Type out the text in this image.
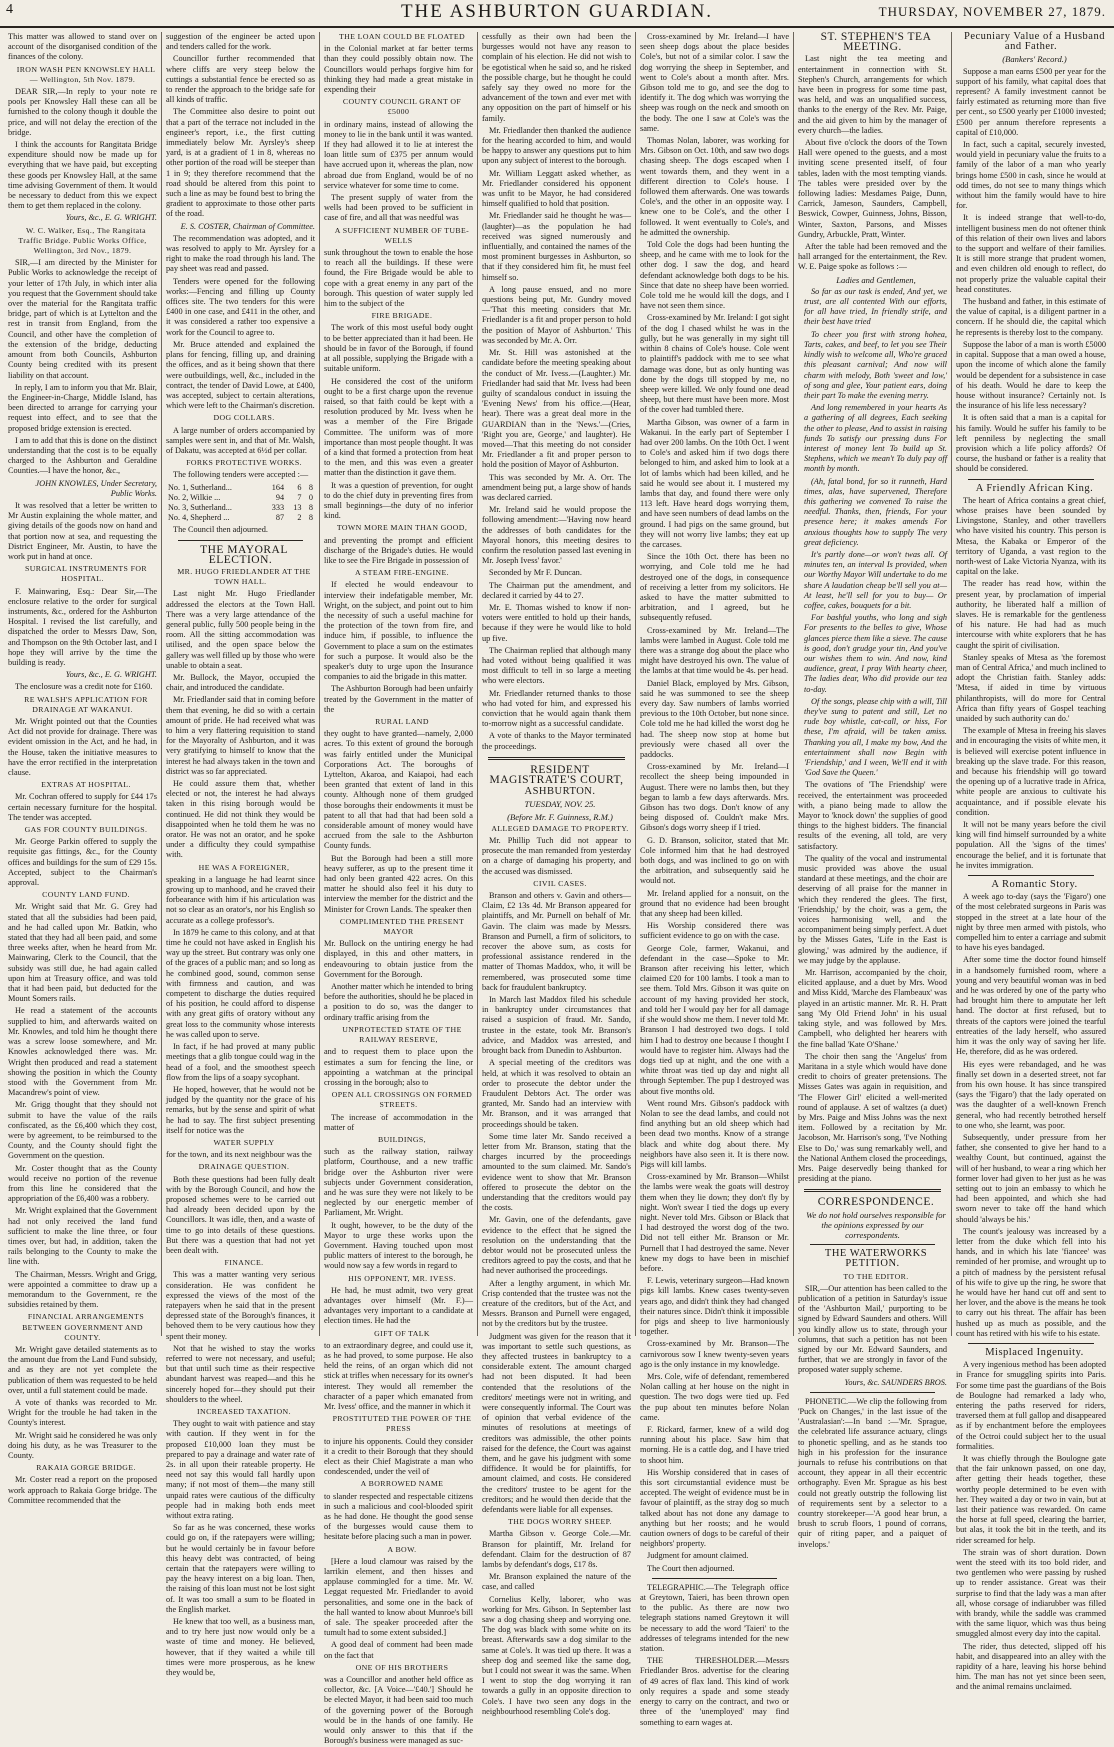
4	THE ASHBURTON GUARDIAN.	THURSDAY, NOVEMBER 27, 1879.

This matter was allowed to stand over on account of the disorganised condition of the finances of the colony.

IRON WASH PEN KNOWSLEY HALL — Wellington, 5th Nov. 1879.

DEAR SIR,—In reply to your note re pools per Knowsley Hall these can all be furnished to the colony though it double the price, and will not delay the erection of the bridge.

I think the accounts for Rangitata Bridge expenditure should now be made up for everything that we have paid, but excepting these goods per Knowsley Hall, at the same time advising Government of them. It would be necessary to deduct from this we expect them to get them replaced in the colony.

Yours, &c., E. G. WRIGHT.

W. C. Walker, Esq., The Rangitata Traffic Bridge. Public Works Office, Wellington, 3rd Nov., 1879.

SIR,—I am directed by the Minister for Public Works to acknowledge the receipt of your letter of 17th July, in which inter alia you request that the Government should take over the material for the Rangitata traffic bridge, part of which is at Lyttelton and the rest in transit from England, from the Council, and other have the completion of the extension of the bridge, deducting amount from both Councils, Ashburton County being credited with its present liability on that account.

In reply, I am to inform you that Mr. Blair, the Engineer-in-Charge, Middle Island, has been directed to arrange for carrying your request into effect, and to see that the proposed bridge extension is erected.

I am to add that this is done on the distinct understanding that the cost is to be equally charged to the Ashburton and Geraldine Counties.—I have the honor, &c.,

JOHN KNOWLES, Under Secretary, Public Works.

It was resolved that a letter be written to Mr Austin explaining the whole matter, and giving details of the goods now on hand and that portion now at sea, and requesting the District Engineer, Mr. Austin, to have the work put in hand at once.

SURGICAL INSTRUMENTS FOR HOSPITAL.

F. Mainwaring, Esq.: Dear Sir,—The enclosure relative to the order for surgical instruments, &c., ordered for the Ashburton Hospital. I revised the list carefully, and dispatched the order to Messrs Daw, Son, and Thompson on the 9th October last, and I hope they will arrive by the time the building is ready.

Yours, &c., E. G. WRIGHT.

The enclosure was a credit note for £160.

RE WALSH'S APPLICATION FOR DRAINAGE AT WAKANUI.

Mr. Wright pointed out that the Counties Act did not provide for drainage. There was evident omission in the Act, and he had, in the House, taken the initiative measures to have the error rectified in the interpretation clause.

EXTRAS AT HOSPITAL.

Mr. Cochran offered to supply for £44 17s certain necessary furniture for the hospital. The tender was accepted.

GAS FOR COUNTY BUILDINGS.

Mr. George Parkin offered to supply the requisite gas fittings, &c., for the County offices and buildings for the sum of £29 15s. Accepted, subject to the Chairman's approval.

COUNTY LAND FUND.

Mr. Wright said that Mr. G. Grey had stated that all the subsidies had been paid, and he had called upon Mr. Batkin, who stated that they had all been paid, and some three weeks after, when he heard from Mr. Mainwaring, Clerk to the Council, that the subsidy was still due, he had again called upon him at Treasury office, and was told that it had been paid, but deducted for the Mount Somers rails.

He read a statement of the accounts supplied to him, and afterwards waited on Mr. Knowles, and told him he thought there was a screw loose somewhere, and Mr. Knowles acknowledged there was. Mr. Wright then produced and read a statement showing the position in which the County stood with the Government from Mr. Macandrew's point of view.

Mr. Grigg thought that they should not submit to have the value of the rails confiscated, as the £6,400 which they cost, were by agreement, to be reimbursed to the County, and the County should fight the Government on the question.

Mr. Coster thought that as the County would receive no portion of the revenue from this line he considered that the appropriation of the £6,400 was a robbery.

Mr. Wright explained that the Government had not only received the land fund sufficient to make the line three, or four times over, but had, in addition, taken the rails belonging to the County to make the line with.

The Chairman, Messrs. Wright and Grigg, were appointed a committee to draw up a memorandum to the Government, re the subsidies retained by them.

FINANCIAL ARRANGEMENTS BETWEEN GOVERNMENT AND COUNTY.

Mr. Wright gave detailed statements as to the amount due from the Land Fund subsidy, and as they are not yet complete the publication of them was requested to be held over, until a full statement could be made.

A vote of thanks was recorded to Mr. Wright for the trouble he had taken in the County's interest.

Mr. Wright said he considered he was only doing his duty, as he was Treasurer to the County.

RAKAIA GORGE BRIDGE.

Mr. Coster read a report on the proposed work approach to Rakaia Gorge bridge. The Committee recommended that the

suggestion of the engineer be acted upon and tenders called for the work.

Councillor further recommended that where cliffs are very steep below the cuttings a substantial fence be erected so as to render the approach to the bridge safe for all kinds of traffic.

The Committee also desire to point out that a part of the terrace not included in the engineer's report, i.e., the first cutting immediately below Mr. Ayrsley's sheep yard, is at a gradient of 1 in 8, whereas no other portion of the road will be steeper than 1 in 9; they therefore recommend that the road should be altered from this point to such a line as may be found best to bring the gradient to approximate to those other parts of the road.

E. S. COSTER, Chairman of Committee.

The recommendation was adopted, and it was resolved to apply to Mr. Ayrsley for a right to make the road through his land. The pay sheet was read and passed.

Tenders were opened for the following works:—Fencing and filling up County offices site. The two tenders for this were £400 in one case, and £411 in the other, and it was considered a rather too expensive a work for the Council to agree to.

Mr. Bruce attended and explained the plans for fencing, filling up, and draining the offices, and as it being shown that there were outbuildings, well, &c., included in the contract, the tender of David Lowe, at £400, was accepted, subject to certain alterations, which were left to the Chairman's discretion.

DOG COLLARS.

A large number of orders accompanied by samples were sent in, and that of Mr. Walsh, of Dakatu, was accepted at 6½d per collar.

FORKS PROTECTIVE WORKS.

The following tenders were accepted :—

No. 1, Sutherland...	164	6	8
No. 2, Wilkie ...	94	7	0
No. 3, Sutherland...	333	13	8
No. 4, Shepherd ...	87	2	8

The Council then adjourned.

THE MAYORAL ELECTION.

MR. HUGO FRIEDLANDER AT THE TOWN HALL.

Last night Mr. Hugo Friedlander addressed the electors at the Town Hall. There was a very large attendance of the general public, fully 500 people being in the room. All the sitting accommodation was utilised, and the open space below the gallery was well filled up by those who were unable to obtain a seat.

Mr. Bullock, the Mayor, occupied the chair, and introduced the candidate.

Mr. Friedlander said that in coming before them that evening, he did so with a certain amount of pride. He had received what was to him a very flattering requisition to stand for the Mayoralty of Ashburton, and it was very gratifying to himself to know that the interest he had always taken in the town and district was so far appreciated.

He could assure them that, whether elected or not, the interest he had always taken in this rising borough would be continued. He did not think they would be disappointed when he told them he was no orator. He was not an orator, and he spoke under a difficulty they could sympathise with.

HE WAS A FOREIGNER,

speaking in a language he had learnt since growing up to manhood, and he craved their forbearance with him if his articulation was not so clear as an orator's, nor his English so accurate as a college professor's.

In 1879 he came to this colony, and at that time he could not have asked in English his way up the street. But contrary was only one of the graces of a public man; and so long as he combined good, sound, common sense with firmness and caution, and was competent to discharge the duties required of his position, he could afford to dispense with any great gifts of oratory without any great loss to the community whose interests he was called upon to serve.

In fact, if he had proved at many public meetings that a glib tongue could wag in the head of a fool, and the smoothest speech flow from the lips of a soapy sycophant.

He hoped, however, that he would not be judged by the quantity nor the grace of his remarks, but by the sense and spirit of what he had to say. The first subject presenting itself for notice was the

WATER SUPPLY

for the town, and its next neighbour was the

DRAINAGE QUESTION.

Both these questions had been fully dealt with by the Borough Council, and how the proposed schemes were to be carried out had already been decided upon by the Councillors. It was idle, then, and a waste of time to go into details of these questions. But there was a question that had not yet been dealt with.

FINANCE.

This was a matter wanting very serious consideration. He was confident he expressed the views of the most of the ratepayers when he said that in the present depressed state of the Borough's finances, it behoved them to be very cautious how they spent their money.

Not that he wished to stay the works referred to were not necessary, and useful; but that until such time as their respective abundant harvest was reaped—and this he sincerely hoped for—they should put their shoulders to the wheel.

INCREASED TAXATION.

They ought to wait with patience and stay with caution. If they went in for the proposed £10,000 loan they must be prepared to pay a drainage and water rate of 2s. in all upon their rateable property. He need not say this would fall hardly upon many; if not most of them—the many still unpaid rates were cautious of the difficulty people had in making both ends meet without extra rating.

So far as he was concerned, these works could go on, if the ratepayers were willing; but he would certainly be in favour before this heavy debt was contracted, of being certain that the ratepayers were willing to pay the heavy interest on a big loan. Then, the raising of this loan must not be lost sight of. It was too small a sum to be floated in the English market.

He knew that too well, as a business man, and to try here just now would only be a waste of time and money. He believed, however, that if they waited a while till times were more prosperous, as he knew they would be,

THE LOAN COULD BE FLOATED

in the Colonial market at far better terms than they could possibly obtain now. The Councillors would perhaps forgive him for thinking they had made a great mistake in expending their

COUNTY COUNCIL GRANT OF £5000

in ordinary mains, instead of allowing the money to lie in the bank until it was wanted. If they had allowed it to lie at interest the loan little sum of £375 per annum would have accrued upon it, whereas the plan, now abroad due from England, would be of no service whatever for some time to come.

The present supply of water from the wells had been proved to be sufficient in case of fire, and all that was needful was

A SUFFICIENT NUMBER OF TUBE-WELLS

sunk throughout the town to enable the hose to reach all the buildings. If these were found, the Fire Brigade would be able to cope with a great enemy in any part of the borough. This question of water supply led him to the subject of the

FIRE BRIGADE.

The work of this most useful body ought to be better appreciated than it had been. He should be in favor of the Borough, if found at all possible, supplying the Brigade with a suitable uniform.

He considered the cost of the uniform ought to be a first charge upon the revenue raised, so that faith could be kept with a resolution produced by Mr. Ivess when he was a member of the Fire Brigade Committee. The uniform was of more importance than most people thought. It was of a kind that formed a protection from heat to the men, and this was even a greater matter than the distinction it gave them.

It was a question of prevention, for ought to do the chief duty in preventing fires from small beginnings—the duty of no inferior kind.

TOWN MORE MAIN THAN GOOD,

and preventing the prompt and efficient discharge of the Brigade's duties. He would like to see the Fire Brigade in possession of

A STEAM FIRE-ENGINE.

If elected he would endeavour to interview their indefatigable member, Mr. Wright, on the subject, and point out to him the necessity of such a useful machine for the protection of the town from fire, and induce him, if possible, to influence the Government to place a sum on the estimates for such a purpose. It would also be the speaker's duty to urge upon the Insurance companies to aid the brigade in this matter.

The Ashburton Borough had been unfairly treated by the Government in the matter of the

RURAL LAND

they ought to have granted—namely, 2,000 acres. To this extent of ground the borough was fairly entitled under the Municipal Corporations Act. The boroughs of Lyttelton, Akaroa, and Kaiapoi, had each been granted that extent of land in this county. Although none of them grudged those boroughs their endowments it must be patent to all that had that had been sold a considerable amount of money would have accrued from the sale to the Ashburton County funds.

But the Borough had been a still more heavy sufferer, as up to the present time it had only been granted 422 acres. On this matter he should also feel it his duty to interview the member for the district and the Minister for Crown Lands. The speaker then

COMPLIMENTED THE PRESENT MAYOR

Mr. Bullock on the untiring energy he had displayed, in this and other matters, in endeavouring to obtain justice from the Government for the Borough.

Another matter which he intended to bring before the authorities, should he be placed in a position to do so, was the danger to ordinary traffic arising from the

UNPROTECTED STATE OF THE RAILWAY RESERVE,

and to request them to place upon the estimates a sum for fencing the line, or appointing a watchman at the principal crossing in the borough; also to

OPEN ALL CROSSINGS ON FORMED STREETS.

The increase of accommodation in the matter of

BUILDINGS,

such as the railway station, railway platform, Courthouse, and a new traffic bridge over the Ashburton river were subjects under Government consideration, and he was sure they were not likely to be neglected by our energetic member of Parliament, Mr. Wright.

It ought, however, to be the duty of the Mayor to urge these works upon the Government. Having touched upon most public matters of interest to the borough, he would now say a few words in regard to

HIS OPPONENT, MR. IVESS.

He had, he must admit, two very great advantages over himself (Mr. F.)—advantages very important to a candidate at election times. He had the

GIFT OF TALK

to an extraordinary degree, and could use it, as he had proved, to some purpose. He also held the reins, of an organ which did not stick at trifles when necessary for its owner's interest. They would all remember the character of a paper which emanated from Mr. Ivess' office, and the manner in which it

PROSTITUTED THE POWER OF THE PRESS

to injure his opponents. Could they consider it a credit to their Borough that they should elect as their Chief Magistrate a man who condescended, under the veil of

A BORROWED NAME

to slander respected and respectable citizens in such a malicious and cool-blooded spirit as he had done. He thought the good sense of the burgesses would cause them to hesitate before placing such a man in power.

A BOW.

[Here a loud clamour was raised by the larrikin element, and then hisses and applause commingled for a time. Mr. W. Leggat requested Mr. Friedlander to avoid personalities, and some one in the back of the hall wanted to know about Munroe's bill of sale. The speaker proceeded after the tumult had to some extent subsided.]

A good deal of comment had been made on the fact that

ONE OF HIS BROTHERS

was a Councillor and another held office as collector, &c. [A Voice—'£40.'] Should he be elected Mayor, it had been said too much of the governing power of the Borough would be in the hands of one family. He would only answer to this that if the Borough's business were managed as suc-

cessfully as their own had been the burgesses would not have any reason to complain of his election. He did not wish to be egotistical when he said so, and he risked the possible charge, but he thought he could safely say they owed no more for the advancement of the town and ever met with any opposition on the part of himself or his family.

Mr. Friedlander then thanked the audience for the hearing accorded to him, and would be happy to answer any questions put to him upon any subject of interest to the borough.

Mr. William Leggatt asked whether, as Mr. Friedlander considered his opponent was unfit to be Mayor, he had considered himself qualified to hold that position.

Mr. Friedlander said he thought he was—(laughter)—as the population he had received was signed numerously and influentially, and contained the names of the most prominent burgesses in Ashburton, so that if they considered him fit, he must feel himself so.

A long pause ensued, and no more questions being put, Mr. Gundry moved —'That this meeting considers that Mr. Friedlander is a fit and proper person to hold the position of Mayor of Ashburton.' This was seconded by Mr. A. Orr.

Mr. St. Hill was astonished at the candidate before the meeting speaking about the conduct of Mr. Ivess.—(Laughter.) Mr. Friedlander had said that Mr. Ivess had been guilty of scandalous conduct in issuing the 'Evening News' from his office.—(Hear, hear). There was a great deal more in the GUARDIAN than in the 'News.'—(Cries, 'Right you are, George,' and laughter). He moved—That this meeting do not consider Mr. Friedlander a fit and proper person to hold the position of Mayor of Ashburton.

This was seconded by Mr. A. Orr. The amendment being put, a large show of hands was declared carried.

Mr. Ireland said he would propose the following amendment:—'Having now heard the addresses of both candidates for the Mayoral honors, this meeting desires to confirm the resolution passed last evening in Mr. Joseph Ivess' favor.'

Seconded by Mr F. Duncan.

The Chairman put the amendment, and declared it carried by 44 to 27.

Mr. E. Thomas wished to know if non-voters were entitled to hold up their hands, because if they were he would like to hold up five.

The Chairman replied that although many had voted without being qualified it was most difficult to tell in so large a meeting who were electors.

Mr. Friedlander returned thanks to those who had voted for him, and expressed his conviction that he would again thank them to-morrow night as a successful candidate.

A vote of thanks to the Mayor terminated the proceedings.

RESIDENT MAGISTRATE'S COURT,

ASHBURTON.

TUESDAY, NOV. 25.

(Before Mr. F. Guinness, R.M.)

ALLEGED DAMAGE TO PROPERTY.

Mr. Phillip Tuch did not appear to prosecute the man remanded from yesterday on a charge of damaging his property, and the accused was dismissed.

CIVIL CASES.

Branson and others v. Gavin and others—Claim, £2 13s 4d. Mr Branson appeared for plaintiffs, and Mr. Purnell on behalf of Mr. Gavin. The claim was made by Messrs. Branson and Purnell, a firm of solicitors, to recover the above sum, as costs for professional assistance rendered in the matter of Thomas Maddox, who, it will be remembered, was prosecuted some time back for fraudulent bankruptcy.

In March last Maddox filed his schedule in bankruptcy under circumstances that raised a suspicion of fraud. Mr. Sando, trustee in the estate, took Mr. Branson's advice, and Maddox was arrested, and brought back from Dunedin to Ashburton.

A special meeting of the creditors was held, at which it was resolved to obtain an order to prosecute the debtor under the Fraudulent Debtors Act. The order was granted, Mr. Sando had an interview with Mr. Branson, and it was arranged that proceedings should be taken.

Some time later Mr. Sando received a letter from Mr. Branson, stating that the charges incurred by the proceedings amounted to the sum claimed. Mr. Sando's evidence went to show that Mr. Branson offered to prosecute the debtor on the understanding that the creditors would pay the costs.

Mr. Gavin, one of the defendants, gave evidence to the effect that he signed the resolution on the understanding that the debtor would not be prosecuted unless the creditors agreed to pay the costs, and that he had never authorised the proceedings.

After a lengthy argument, in which Mr. Crisp contended that the trustee was not the creature of the creditors, but of the Act, and Messrs. Branson and Purnell were engaged, not by the creditors but by the trustee.

Judgment was given for the reason that it was important to settle such questions, as they affected trustees in bankruptcy to a considerable extent. The amount charged had not been disputed. It had been contended that the resolutions of the creditors' meetings were not in writing, and were consequently informal. The Court was of opinion that verbal evidence of the minutes of resolutions at meetings of creditors was admissible, the other points raised for the defence, the Court was against them, and he gave his judgment with some diffidence. It would be for plaintiffs, for amount claimed, and costs. He considered the creditors' trustee to be agent for the creditors; and he would then decide that the defendants were liable for all expenses.

THE DOGS WORRY SHEEP.

Martha Gibson v. George Cole.—Mr. Branson for plaintiff, Mr. Ireland for defendant. Claim for the destruction of 87 lambs by defendant's dogs, £17 8s.

Mr. Branson explained the nature of the case, and called

Cornelius Kelly, laborer, who was working for Mrs. Gibson. In September last saw a dog chasing sheep and worrying one. The dog was black with some white on its breast. Afterwards saw a dog similar to the same at Cole's. It was tied up there. It was a sheep dog and seemed like the same dog, but I could not swear it was the same. When I went to stop the dog worrying it ran towards a gully in an opposite direction to Cole's. I have two seen any dogs in the neighbourhood resembling Cole's dog.

Cross-examined by Mr. Ireland—I have seen sheep dogs about the place besides Cole's, but not of a similar color. I saw the dog worrying the sheep in September, and went to Cole's about a month after. Mrs. Gibson told me to go, and see the dog to identify it. The dog which was worrying the sheep was rough on the neck and smooth on the body. The one I saw at Cole's was the same.

Thomas Nolan, laborer, was working for Mrs. Gibson on Oct. 10th, and saw two dogs chasing sheep. The dogs escaped when I went towards them, and they went in a different direction to Cole's house. I followed them afterwards. One was towards Cole's, and the other in an opposite way. I knew one to be Cole's, and the other I followed. It went eventually to Cole's, and he admitted the ownership.

Told Cole the dogs had been hunting the sheep, and he came with me to look for the other dog. I saw the dog, and heard defendant acknowledge both dogs to be his. Since that date no sheep have been worried. Cole told me he would kill the dogs, and I have not seen them since.

Cross-examined by Mr. Ireland: I got sight of the dog I chased whilst he was in the gully, but he was generally in my sight till within 8 chains of Cole's house. Cole went to plaintiff's paddock with me to see what damage was done, but as only hunting was done by the dogs till stopped by me, no sheep were killed. We only found one dead sheep, but there must have been more. Most of the cover had tumbled there.

Martha Gibson, was owner of a farm in Wakanui. In the early part of September I had over 200 lambs. On the 10th Oct. I went to Cole's and asked him if two dogs there belonged to him, and asked him to look at a lot of lambs which had been killed, and he said he would see about it. I mustered my lambs that day, and found there were only 113 left. Have heard dogs worrying them, and have seen numbers of dead lambs on the ground. I had pigs on the same ground, but they will not worry live lambs; they eat up the carcases.

Since the 10th Oct. there has been no worrying, and Cole told me he had destroyed one of the dogs, in consequence of receiving a letter from my solicitors. He asked to have the matter submitted to arbitration, and I agreed, but he subsequently refused.

Cross-examined by Mr. Ireland—The lambs were lambed in August. Cole told me there was a strange dog about the place who might have destroyed his own. The value of the lambs at that time would be 4s. per head.

Daniel Black, employed by Mrs. Gibson, said he was summoned to see the sheep every day. Saw numbers of lambs worried previous to the 10th October, but none since. Cole told me he had killed the worst dog he had. The sheep now stop at home but previously were chased all over the paddocks.

Cross-examined by Mr. Ireland—I recollect the sheep being impounded in August. There were no lambs then, but they began to lamb a few days afterwards. Mrs. Gibson has two dogs. Don't know of any being disposed of. Couldn't make Mrs. Gibson's dogs worry sheep if I tried.

G. D. Branson, solicitor, stated that Mr. Cole informed him that he had destroyed both dogs, and was inclined to go on with the arbitration, and subsequently said he would not.

Mr. Ireland applied for a nonsuit, on the ground that no evidence had been brought that any sheep had been killed.

His Worship considered there was sufficient evidence to go on with the case.

George Cole, farmer, Wakanui, and defendant in the case—Spoke to Mr. Branson after receiving his letter, which claimed £20 for 100 lambs. I took a man to see them. Told Mrs. Gibson it was quite on account of my having provided her stock, and told her I would pay her for all damage if she would show me them. I never told Mr. Branson I had destroyed two dogs. I told him I had to destroy one because I thought I would have to register him. Always had the dogs tied up at night, and the one with a white throat was tied up day and night all through September. The pup I destroyed was about five months old.

Went round Mrs. Gibson's paddock with Nolan to see the dead lambs, and could not find anything but an old sheep which had been dead two months. Know of a strange black and white dog about there. My neighbors have also seen it. It is there now. Pigs will kill lambs.

Cross-examined by Mr. Branson—Whilst the lambs were weak the goats will destroy them when they lie down; they don't fly by night. Won't swear I tied the dogs up every night. Never told Mrs. Gibson or Black that I had destroyed the worst dog of the two. Did not tell either Mr. Branson or Mr. Purnell that I had destroyed the same. Never knew my dogs to have been in mischief before.

F. Lewis, veterinary surgeon—Had known pigs kill lambs. Knew cases twenty-seven years ago, and didn't think they had changed their natures since. Didn't think it impossible for pigs and sheep to live harmoniously together.

Cross-examined by Mr. Branson—The carnivorous sow I knew twenty-seven years ago is the only instance in my knowledge.

Mrs. Cole, wife of defendant, remembered Nolan calling at her house on the night in question. The two dogs were tied up. Fed the pup about ten minutes before Nolan came.

F. Rickard, farmer, knew of a wild dog running about his place. Saw him that morning. He is a cattle dog, and I have tried to shoot him.

His Worship considered that in cases of this sort circumstantial evidence must be accepted. The weight of evidence must be in favour of plaintiff, as the stray dog so much talked about has not done any damage to anything but her roosts; and he would caution owners of dogs to be careful of their neighbors' property.

Judgment for amount claimed.

The Court then adjourned.

TELEGRAPHIC.—The Telegraph office at Greytown, Taieri, has been thrown open to the public. As there are now two telegraph stations named Greytown it will be necessary to add the word 'Taieri' to the addresses of telegrams intended for the new station.

THE THRESHOLDER.—Messrs Friedlander Bros. advertise for the clearing of 49 acres of flax land. This kind of work only requires a spade and some steady energy to carry on the contract, and two or three of the 'unemployed' may find something to earn wages at.

ST. STEPHEN'S TEA MEETING.

Last night the tea meeting and entertainment in connection with St. Stephen's Church, arrangements for which have been in progress for some time past, was held, and was an unqualified success, thanks to the energy of the Rev. Mr. Paige, and the aid given to him by the manager of every church—the ladies.

About five o'clock the doors of the Town Hall were opened to the guests, and a most inviting scene presented itself, of four tables, laden with the most tempting viands. The tables were presided over by the following ladies: Mesdames Paige, Dunn, Carrick, Jameson, Saunders, Campbell, Beswick, Cowper, Guinness, Johns, Bisson, Winter, Saxton, Parsons, and Misses Gundry, Arbuckle, Pratt, Winter.

After the table had been removed and the hall arranged for the entertainment, the Rev. W. E. Paige spoke as follows :—

Ladies and Gentlemen,

So far as our task is ended, And yet, we trust, are all contented With our efforts, for all have tried, In friendly strife, and their best have tried

To cheer you first with strong hohea, Tarts, cakes, and beef, to let you see Their kindly wish to welcome all, Who're graced this pleasant carnival; And now will charm with melody, Both 'sweet and low,' of song and glee, Your patient ears, doing their part To make the evening merry.

And long remembered in your hearts As a gathering of all degrees, Each seeking the other to please, And to assist in raising funds To satisfy our pressing duns For interest of money lent To build up St. Stephens, which we mean't To duly pay off month by month.

(Ah, fatal bond, for so it runneth, Hard times, alas, have supervened, Therefore this gathering we convened To raise the needful. Thanks, then, friends, For your presence here; it makes amends For anxious thoughts how to supply The very great deficiency.

It's partly done—or won't twas all. Of minutes ten, an interval Is provided, when our Worthy Mayor Will undertake to do me share A laudation cheap be'll sell you at— At least, he'll sell for you to buy— Or coffee, cakes, bouquets for a bit.

For bashful youths, who long and sigh For presents to the belles to give, Whose glances pierce them like a sieve. The cause is good, don't grudge your tin, And you've our wishes them to win. And now, kind audience, great, I pray With hearty cheer, The ladies dear, Who did provide our tea to-day.

Of the songs, please chip with a will, Till they've sung to patent and still, Let no rude boy whistle, cat-call, or hiss, For these, I'm afraid, will be taken amiss. Thanking you all, I make my bow, And the entertainment shall now Begin with 'Friendship,' and I ween, We'll end it with 'God Save the Queen.'

The ovations of 'The Friendship' were received, the entertainment was proceeded with, a piano being made to allow the Mayor to 'knock down' the supplies of good things to the highest bidders. The financial results of the evening, all told, are very satisfactory.

The quality of the vocal and instrumental music provided was above the usual standard at these meetings, and the choir are deserving of all praise for the manner in which they rendered the glees. The first, 'Friendship,' by the choir, was a gem, the voices harmonising well, and the accompaniment being simply perfect. A duet by the Misses Gates, 'Life in the East is glowing,' was admired by the audience, if we may judge by the applause.

Mr. Harrison, accompanied by the choir, elicited applause, and a duet by Mrs. Wood and Miss Kidd, 'Marche des Flambeaux' was played in an artistic manner. Mr. R. H. Pratt sang 'My Old Friend John' in his usual taking style, and was followed by Mrs. Campbell, who delighted her hearers with the fine ballad 'Kate O'Shane.'

The choir then sang the 'Angelus' from Maritana in a style which would have done credit to choirs of greater pretensions. The Misses Gates was again in requisition, and 'The Flower Girl' elicited a well-merited round of applause. A set of waltzes (a duet) by Mrs. Paige and Miss Johns was the next item. Followed by a recitation by Mr. Jacobson, Mr. Harrison's song, 'I've Nothing Else to Do,' was sung remarkably well, and the National Anthem closed the proceedings, Mrs. Paige deservedly being thanked for presiding at the piano.

CORRESPONDENCE.

We do not hold ourselves responsible for the opinions expressed by our correspondents.

THE WATERWORKS PETITION.

TO THE EDITOR.

SIR,—Our attention has been called to the publication of a petition in Saturday's issue of the 'Ashburton Mail,' purporting to be signed by Edward Saunders and others. Will you kindly allow us to state, through your columns, that such a petition has not been signed by our Mr. Edward Saunders, and further, that we are strongly in favor of the proposed water supply scheme.

Yours, &c. SAUNDERS BROS.

PHONETIC.—We clip the following from 'Puck on Changes,' in the last issue of the 'Australasian':—In band :—'Mr. Sprague, the celebrated life assurance actuary, clings to phonetic spelling, and as he stands too high in his profession for the insurance journals to refuse his contributions on that account, they appear in all their eccentric orthography. Even Mr. Sprague as his best could not greatly outstrip the following list of requirements sent by a selector to a country storekeeper—'A good hear brun, a brush to scrub floors, 1 pound of corrans, quir of riting paper, and a paiquet of invelops.'

Pecuniary Value of a Husband and Father.

(Bankers' Record.)

Suppose a man earns £500 per year for the support of his family, what capital does that represent? A family investment cannot be fairly estimated as returning more than five per cent., so £500 yearly per £1000 invested; £500 per annum therefore represents a capital of £10,000.

In fact, such a capital, securely invested, would yield in pecuniary value the fruits to a family of the labor of a man who yearly brings home £500 in cash, since he would at odd times, do not see to many things which without him the family would have to hire for.

It is indeed strange that well-to-do, intelligent business men do not oftener think of this relation of their own lives and labors to the support and welfare of their families. It is still more strange that prudent women, and even children old enough to reflect, do not properly prize the valuable capital their head constitutes.

The husband and father, in this estimate of the value of capital, is a diligent partner in a concern. If he should die, the capital which he represents is thereby lost to the company.

Suppose the labor of a man is worth £5000 in capital. Suppose that a man owed a house, upon the income of which alone the family would be dependent for a subsistence in case of his death. Would he dare to keep the house without insurance? Certainly not. Is the insurance of his life less necessary?

It is often said that a man is a capital for his family. Would he suffer his family to be left penniless by neglecting the small provision which a life policy affords? Of course, the husband or father is a reality that should be considered.

A Friendly African King.

The heart of Africa contains a great chief, whose praises have been sounded by Livingstone, Stanley, and other travellers who have visited his country. This person is Mtesa, the Kabaka or Emperor of the territory of Uganda, a vast region to the north-west of Lake Victoria Nyanza, with its capital on the lake.

The reader has read how, within the present year, by proclamation of imperial authority, he liberated half a million of slaves. He is remarkable for the gentleness of his nature. He had had as much intercourse with white explorers that he has caught the spirit of civilisation.

Stanley speaks of Mtesa as 'the foremost man of Central Africa,' and much inclined to adopt the Christian faith. Stanley adds: 'Mtesa, if aided in time by virtuous philanthropists, will do more for Central Africa than fifty years of Gospel teaching unaided by such authority can do.'

The example of Mtesa in freeing his slaves and in encouraging the visits of white men, it is believed will exercise potent influence in breaking up the slave trade. For this reason, and because his friendship will go toward the opening up of a lucrative trade in Africa, white people are anxious to cultivate his acquaintance, and if possible elevate his condition.

It will not be many years before the civil king will find himself surrounded by a white population. All the 'signs of the times' encourage the belief, and it is fortunate that he invites immigration.

A Romantic Story.

A week ago to-day (says the 'Figaro') one of the most celebrated surgeons in Paris was stopped in the street at a late hour of the night by three men armed with pistols, who compelled him to enter a carriage and submit to have his eyes bandaged.

After some time the doctor found himself in a handsomely furnished room, where a young and very beautiful woman was in bed and he was ordered by one of the party who had brought him there to amputate her left hand. The doctor at first refused, but to threats of the captors were joined the tearful entreaties of the lady herself, who assured him it was the only way of saving her life. He, therefore, did as he was ordered.

His eyes were rebandaged, and he was finally set down in a deserted street, not far from his own house. It has since transpired (says the 'Figaro') that the lady operated on was the daughter of a well-known French general, who had recently betrothed herself to one who, she learnt, was poor.

Subsequently, under pressure from her father, she consented to give her hand to a wealthy Count, but continued, against the will of her husband, to wear a ring which her former lover had given to her just as he was setting out to join an embassy to which he had been appointed, and which she had sworn never to take off the hand which should 'always be his.'

The count's jealousy was increased by a letter from the duke which fell into his hands, and in which his late 'fiancee' was reminded of her promise, and wrought up to a pitch of madness by the persistent refusal of his wife to give up the ring, he swore that he would have her hand cut off and sent to her lover, and the above is the means he took to carry out his threat. The affair has been hushed up as much as possible, and the count has retired with his wife to his estate.

Misplaced Ingenuity.

A very ingenious method has been adopted in France for smuggling spirits into Paris. For some time past the guardians of the Bois de Boulogne had remarked a lady who, entering the paths reserved for riders, traversed them at full gallop and disappeared as if by enchantment before the employees of the Octroi could subject her to the usual formalities.

It was chiefly through the Boulogne gate that the fair unknown passed, on one day, after getting their heads together, these worthy people determined to be even with her. They waited a day or two in vain, but at last their patience was rewarded. On came the horse at full speed, clearing the barrier, but alas, it took the bit in the teeth, and its rider screamed for help.

The strain was of short duration. Down went the steed with its too bold rider, and two gentlemen who were passing by rushed up to render assistance. Great was their surprise to find that the lady was a man after all, whose corsage of indiarubber was filled with brandy, while the saddle was crammed with the same liquor, which was thus being smuggled almost every day into the capital.

The rider, thus detected, slipped off his habit, and disappeared into an alley with the rapidity of a hare, leaving his horse behind him. The man has not yet since been seen, and the animal remains unclaimed.
